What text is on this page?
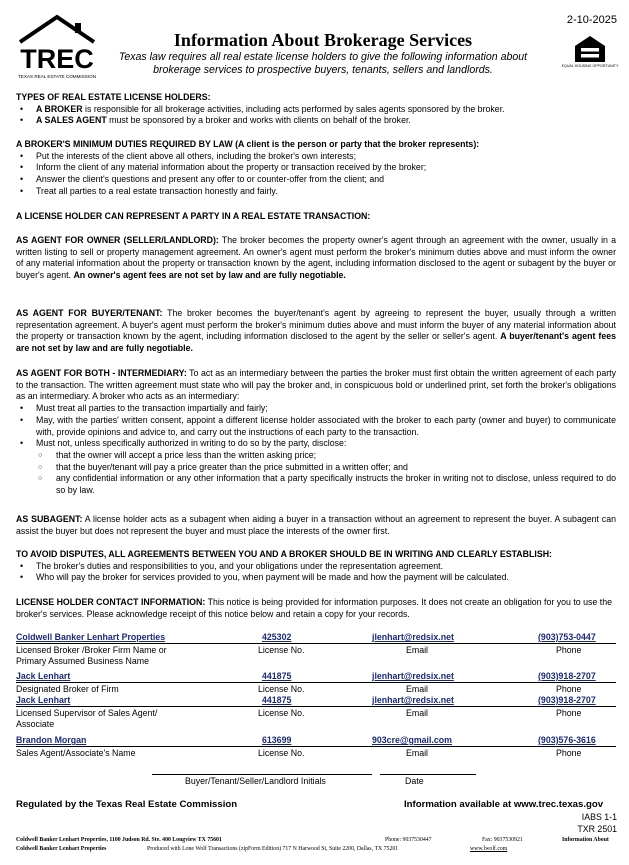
TREC
TEXAS REAL ESTATE COMMISSION
2-10-2025
Information About Brokerage Services
Texas law requires all real estate license holders to give the following information about brokerage services to prospective buyers, tenants, sellers and landlords.	EQUAL HOUSING OPPORTUNITY
TYPES OF REAL ESTATE LICENSE HOLDERS:
• A BROKER is responsible for all brokerage activities, including acts performed by sales agents sponsored by the broker.
• A SALES AGENT must be sponsored by a broker and works with clients on behalf of the broker.
A BROKER'S MINIMUM DUTIES REQUIRED BY LAW (A client is the person or party that the broker represents):
• Put the interests of the client above all others, including the broker's own interests;
• Inform the client of any material information about the property or transaction received by the broker;
• Answer the client's questions and present any offer to or counter-offer from the client; and
• Treat all parties to a real estate transaction honestly and fairly.
A LICENSE HOLDER CAN REPRESENT A PARTY IN A REAL ESTATE TRANSACTION:
AS AGENT FOR OWNER (SELLER/LANDLORD): The broker becomes the property owner's agent through an agreement with the owner, usually in a written listing to sell or property management agreement. An owner's agent must perform the broker's minimum duties above and must inform the owner of any material information about the property or transaction known by the agent, including information disclosed to the agent or subagent by the buyer or buyer's agent. An owner's agent fees are not set by law and are fully negotiable.
AS AGENT FOR BUYER/TENANT: The broker becomes the buyer/tenant's agent by agreeing to represent the buyer, usually through a written representation agreement. A buyer's agent must perform the broker's minimum duties above and must inform the buyer of any material information about the property or transaction known by the agent, including information disclosed to the agent by the seller or seller's agent. A buyer/tenant's agent fees are not set by law and are fully negotiable.
AS AGENT FOR BOTH - INTERMEDIARY: To act as an intermediary between the parties the broker must first obtain the written agreement of each party to the transaction. The written agreement must state who will pay the broker and, in conspicuous bold or underlined print, set forth the broker's obligations as an intermediary. A broker who acts as an intermediary:
• Must treat all parties to the transaction impartially and fairly;
• May, with the parties' written consent, appoint a different license holder associated with the broker to each party (owner and buyer) to communicate with, provide opinions and advice to, and carry out the instructions of each party to the transaction.
• Must not, unless specifically authorized in writing to do so by the party, disclose:
○ that the owner will accept a price less than the written asking price;
○ that the buyer/tenant will pay a price greater than the price submitted in a written offer; and
○ any confidential information or any other information that a party specifically instructs the broker in writing not to disclose, unless required to do so by law.
AS SUBAGENT: A license holder acts as a subagent when aiding a buyer in a transaction without an agreement to represent the buyer. A subagent can assist the buyer but does not represent the buyer and must place the interests of the owner first.
TO AVOID DISPUTES, ALL AGREEMENTS BETWEEN YOU AND A BROKER SHOULD BE IN WRITING AND CLEARLY ESTABLISH:
• The broker's duties and responsibilities to you, and your obligations under the representation agreement.
• Who will pay the broker for services provided to you, when payment will be made and how the payment will be calculated.
LICENSE HOLDER CONTACT INFORMATION: This notice is being provided for information purposes. It does not create an obligation for you to use the broker's services. Please acknowledge receipt of this notice below and retain a copy for your records.
Coldwell Banker Lenhart Properties	425302	jlenhart@redsix.net	(903)753-0447
Licensed Broker /Broker Firm Name or
Primary Assumed Business Name
License No.	Email	Phone
Jack Lenhart	441875	jlenhart@redsix.net	(903)918-2707
Designated Broker of Firm	License No.	Email	Phone
Jack Lenhart	441875	jlenhart@redsix.net	(903)918-2707
Licensed Supervisor of Sales Agent/
Associate
License No.	Email	Phone
Brandon Morgan	613699	903cre@gmail.com	(903)576-3616
Sales Agent/Associate's Name	License No.	Email	Phone
Buyer/Tenant/Seller/Landlord Initials	Date
Regulated by the Texas Real Estate Commission	Information available at www.trec.texas.gov
IABS 1-1
TXR 2501
Coldwell Banker Lenhart Properties, 1100 Judson Rd. Ste. 400 Longview TX 75601	Phone: 9037530447	Fax: 9037530921	Information About
Coldwell Banker Lenhart Properties	Produced with Lone Wolf Transactions (zipForm Edition) 717 N Harwood St, Suite 2200, Dallas, TX 75201	www.lwolf.com
